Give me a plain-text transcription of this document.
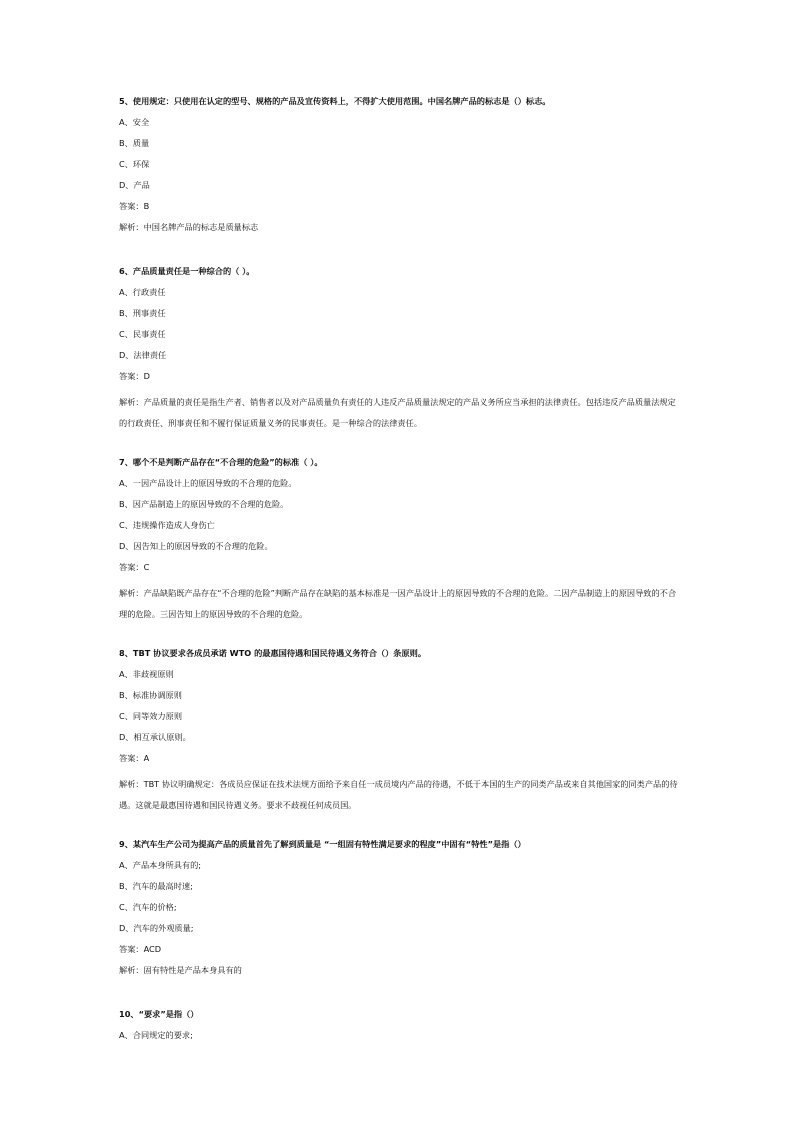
5、使用规定：只使用在认定的型号、规格的产品及宣传资料上，不得扩大使用范围。中国名牌产品的标志是（）标志。
A、安全
B、质量
C、环保
D、产品
答案：B
解析：中国名牌产品的标志是质量标志
6、产品质量责任是一种综合的（ ）。
A、行政责任
B、刑事责任
C、民事责任
D、法律责任
答案：D
解析：产品质量的责任是指生产者、销售者以及对产品质量负有责任的人违反产品质量法规定的产品义务所应当承担的法律责任。包括违反产品质量法规定的行政责任、刑事责任和不履行保证质量义务的民事责任。是一种综合的法律责任。
7、哪个不是判断产品存在“不合理的危险”的标准（ ）。
A、一因产品设计上的原因导致的不合理的危险。
B、因产品制造上的原因导致的不合理的危险。
C、违规操作造成人身伤亡
D、因告知上的原因导致的不合理的危险。
答案：C
解析：产品缺陷既产品存在“不合理的危险”判断产品存在缺陷的基本标准是一因产品设计上的原因导致的不合理的危险。二因产品制造上的原因导致的不合理的危险。三因告知上的原因导致的不合理的危险。
8、TBT 协议要求各成员承诺 WTO 的最惠国待遇和国民待遇义务符合（）条原则。
A、非歧视原则
B、标准协调原则
C、同等效力原则
D、相互承认原则。
答案：A
解析：TBT 协议明确规定：各成员应保证在技术法规方面给予来自任一成员境内产品的待遇，不低于本国的生产的同类产品或来自其他国家的同类产品的待遇。这就是最惠国待遇和国民待遇义务。要求不歧视任何成员国。
9、某汽车生产公司为提高产品的质量首先了解到质量是 “一组固有特性满足要求的程度”中固有“特性”是指（）
A、产品本身所具有的;
B、汽车的最高时速;
C、汽车的价格;
D、汽车的外观质量;
答案：ACD
解析：固有特性是产品本身具有的
10、“要求”是指（）
A、合同规定的要求;
